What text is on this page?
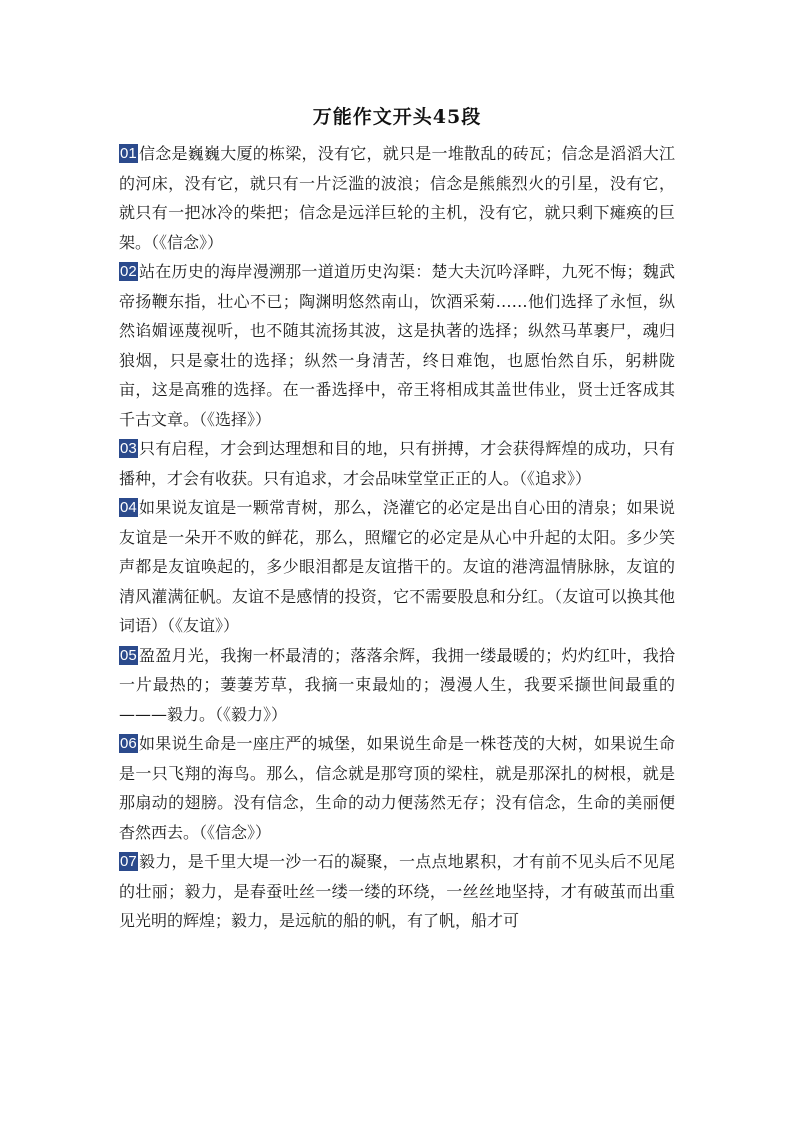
万能作文开头45段

01 信念是巍巍大厦的栋梁，没有它，就只是一堆散乱的砖瓦；信念是滔滔大江的河床，没有它，就只有一片泛滥的波浪；信念是熊熊烈火的引星，没有它，就只有一把冰冷的柴把；信念是远洋巨轮的主机，没有它，就只剩下瘫痪的巨架。（《信念》）

02 站在历史的海岸漫溯那一道道历史沟渠：楚大夫沉吟泽畔，九死不悔；魏武帝扬鞭东指，壮心不已；陶渊明悠然南山，饮酒采菊……他们选择了永恒，纵然谄媚诬蔑视听，也不随其流扬其波，这是执著的选择；纵然马革裹尸，魂归狼烟，只是豪壮的选择；纵然一身清苦，终日难饱，也愿怡然自乐，躬耕陇亩，这是高雅的选择。在一番选择中，帝王将相成其盖世伟业，贤士迁客成其千古文章。（《选择》）

03 只有启程，才会到达理想和目的地，只有拼搏，才会获得辉煌的成功，只有播种，才会有收获。只有追求，才会品味堂堂正正的人。（《追求》）

04 如果说友谊是一颗常青树，那么，浇灌它的必定是出自心田的清泉；如果说友谊是一朵开不败的鲜花，那么，照耀它的必定是从心中升起的太阳。多少笑声都是友谊唤起的，多少眼泪都是友谊揩干的。友谊的港湾温情脉脉，友谊的清风灌满征帆。友谊不是感情的投资，它不需要股息和分红。（友谊可以换其他词语）（《友谊》）

05 盈盈月光，我掬一杯最清的；落落余辉，我拥一缕最暖的；灼灼红叶，我拾一片最热的；萋萋芳草，我摘一束最灿的；漫漫人生，我要采撷世间最重的———毅力。（《毅力》）

06 如果说生命是一座庄严的城堡，如果说生命是一株苍茂的大树，如果说生命是一只飞翔的海鸟。那么，信念就是那穹顶的梁柱，就是那深扎的树根，就是那扇动的翅膀。没有信念，生命的动力便荡然无存；没有信念，生命的美丽便杳然西去。（《信念》）

07 毅力，是千里大堤一沙一石的凝聚，一点点地累积，才有前不见头后不见尾的壮丽；毅力，是春蚕吐丝一缕一缕的环绕，一丝丝地坚持，才有破茧而出重见光明的辉煌；毅力，是远航的船的帆，有了帆，船才可
